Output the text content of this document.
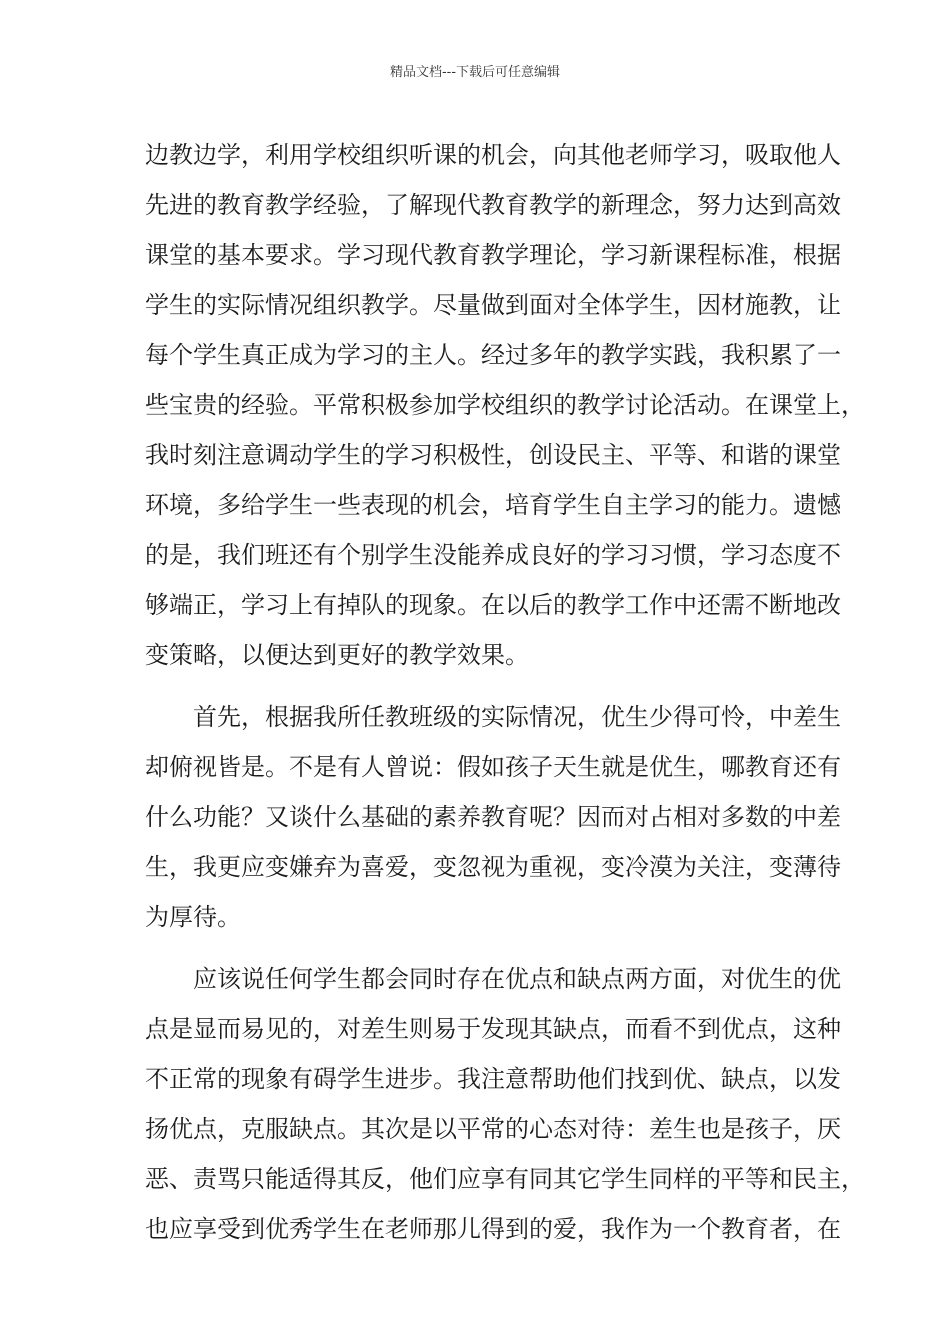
精品文档---下载后可任意编辑
边教边学，利用学校组织听课的机会，向其他老师学习，吸取他人
先进的教育教学经验，了解现代教育教学的新理念，努力达到高效
课堂的基本要求。学习现代教育教学理论，学习新课程标准，根据
学生的实际情况组织教学。尽量做到面对全体学生，因材施教，让
每个学生真正成为学习的主人。经过多年的教学实践，我积累了一
些宝贵的经验。平常积极参加学校组织的教学讨论活动。在课堂上，
我时刻注意调动学生的学习积极性，创设民主、平等、和谐的课堂
环境，多给学生一些表现的机会，培育学生自主学习的能力。遗憾
的是，我们班还有个别学生没能养成良好的学习习惯，学习态度不
够端正，学习上有掉队的现象。在以后的教学工作中还需不断地改
变策略，以便达到更好的教学效果。
首先，根据我所任教班级的实际情况，优生少得可怜，中差生
却俯视皆是。不是有人曾说：假如孩子天生就是优生，哪教育还有
什么功能？又谈什么基础的素养教育呢？因而对占相对多数的中差
生，我更应变嫌弃为喜爱，变忽视为重视，变冷漠为关注，变薄待
为厚待。
应该说任何学生都会同时存在优点和缺点两方面，对优生的优
点是显而易见的，对差生则易于发现其缺点，而看不到优点，这种
不正常的现象有碍学生进步。我注意帮助他们找到优、缺点，以发
扬优点，克服缺点。其次是以平常的心态对待：差生也是孩子，厌
恶、责骂只能适得其反，他们应享有同其它学生同样的平等和民主，
也应享受到优秀学生在老师那儿得到的爱，我作为一个教育者，在
